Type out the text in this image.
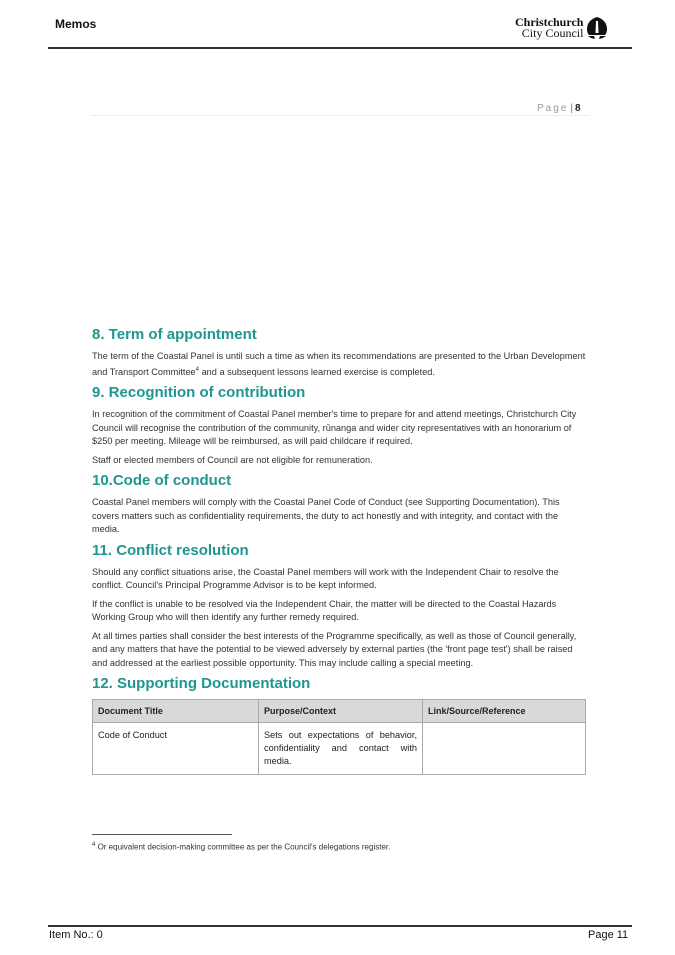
Memos	Christchurch
City Council
Page | 8
8. Term of appointment

The term of the Coastal Panel is until such a time as when its recommendations are presented to the Urban Development and Transport Committee$^4$ and a subsequent lessons learned exercise is completed.

9. Recognition of contribution

In recognition of the commitment of Coastal Panel member's time to prepare for and attend meetings, Christchurch City Council will recognise the contribution of the community, rūnanga and wider city representatives with an honorarium of $250 per meeting. Mileage will be reimbursed, as will paid childcare if required.

Staff or elected members of Council are not eligible for remuneration.

10.Code of conduct

Coastal Panel members will comply with the Coastal Panel Code of Conduct (see Supporting Documentation). This covers matters such as confidentiality requirements, the duty to act honestly and with integrity, and contact with the media.

11. Conflict resolution

Should any conflict situations arise, the Coastal Panel members will work with the Independent Chair to resolve the conflict. Council's Principal Programme Advisor is to be kept informed.

If the conflict is unable to be resolved via the Independent Chair, the matter will be directed to the Coastal Hazards Working Group who will then identify any further remedy required.

At all times parties shall consider the best interests of the Programme specifically, as well as those of Council generally, and any matters that have the potential to be viewed adversely by external parties (the 'front page test') shall be raised and addressed at the earliest possible opportunity. This may include calling a special meeting.

12. Supporting Documentation
Document Title	Purpose/Context	Link/Source/Reference
Code of Conduct	Sets out expectations of behavior, confidentiality and contact with media.	
$^4$ Or equivalent decision-making committee as per the Council's delegations register.
Item No.: 0	Page 11
